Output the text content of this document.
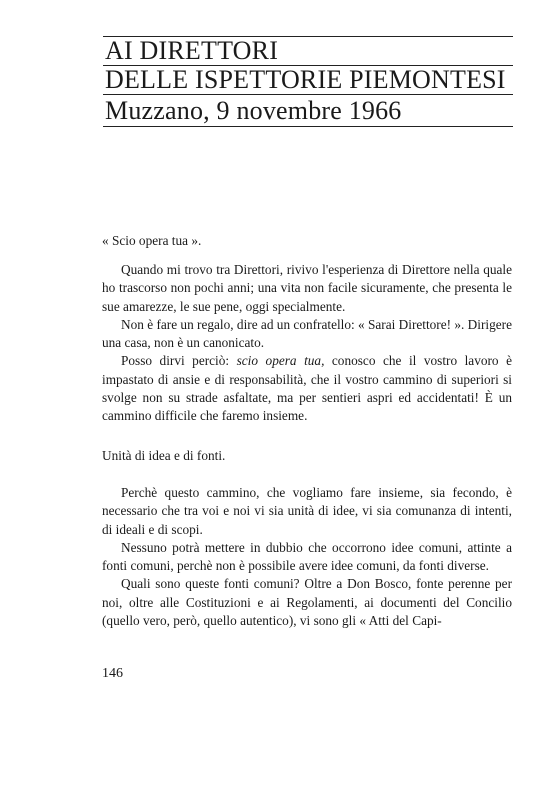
AI DIRETTORI
DELLE ISPETTORIE PIEMONTESI
Muzzano, 9 novembre 1966
« Scio opera tua ».

Quando mi trovo tra Direttori, rivivo l'esperienza di Direttore nella quale ho trascorso non pochi anni; una vita non facile sicuramente, che presenta le sue amarezze, le sue pene, oggi specialmente.

Non è fare un regalo, dire ad un confratello: « Sarai Direttore! ». Dirigere una casa, non è un canonicato.

Posso dirvi perciò: scio opera tua, conosco che il vostro lavoro è impastato di ansie e di responsabilità, che il vostro cammino di superiori si svolge non su strade asfaltate, ma per sentieri aspri ed accidentati! È un cammino difficile che faremo insieme.

Unità di idea e di fonti.

Perchè questo cammino, che vogliamo fare insieme, sia fecondo, è necessario che tra voi e noi vi sia unità di idee, vi sia comunanza di intenti, di ideali e di scopi.

Nessuno potrà mettere in dubbio che occorrono idee comuni, attinte a fonti comuni, perchè non è possibile avere idee comuni, da fonti diverse.

Quali sono queste fonti comuni? Oltre a Don Bosco, fonte perenne per noi, oltre alle Costituzioni e ai Regolamenti, ai documenti del Concilio (quello vero, però, quello autentico), vi sono gli « Atti del Capi-

146
